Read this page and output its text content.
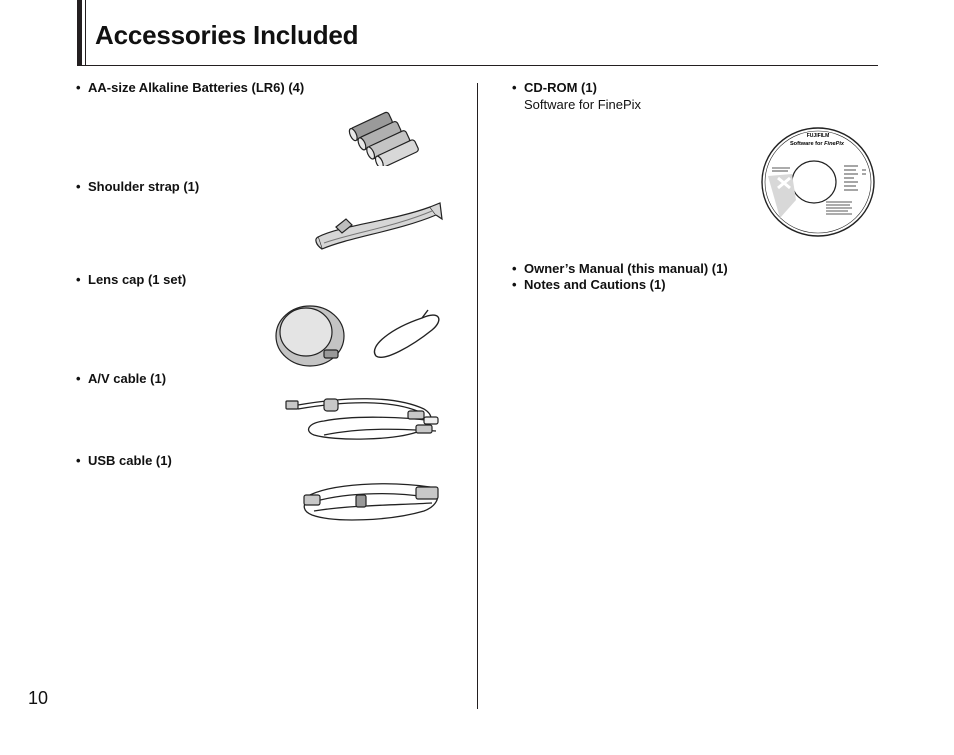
Accessories Included
• AA-size Alkaline Batteries (LR6) (4)
• Shoulder strap (1)
• Lens cap (1 set)
• A/V cable (1)
• USB cable (1)
• CD-ROM (1)
Software for FinePix
FUJIFILM
Software for FinePix
• Owner’s Manual (this manual) (1)
• Notes and Cautions (1)
10
